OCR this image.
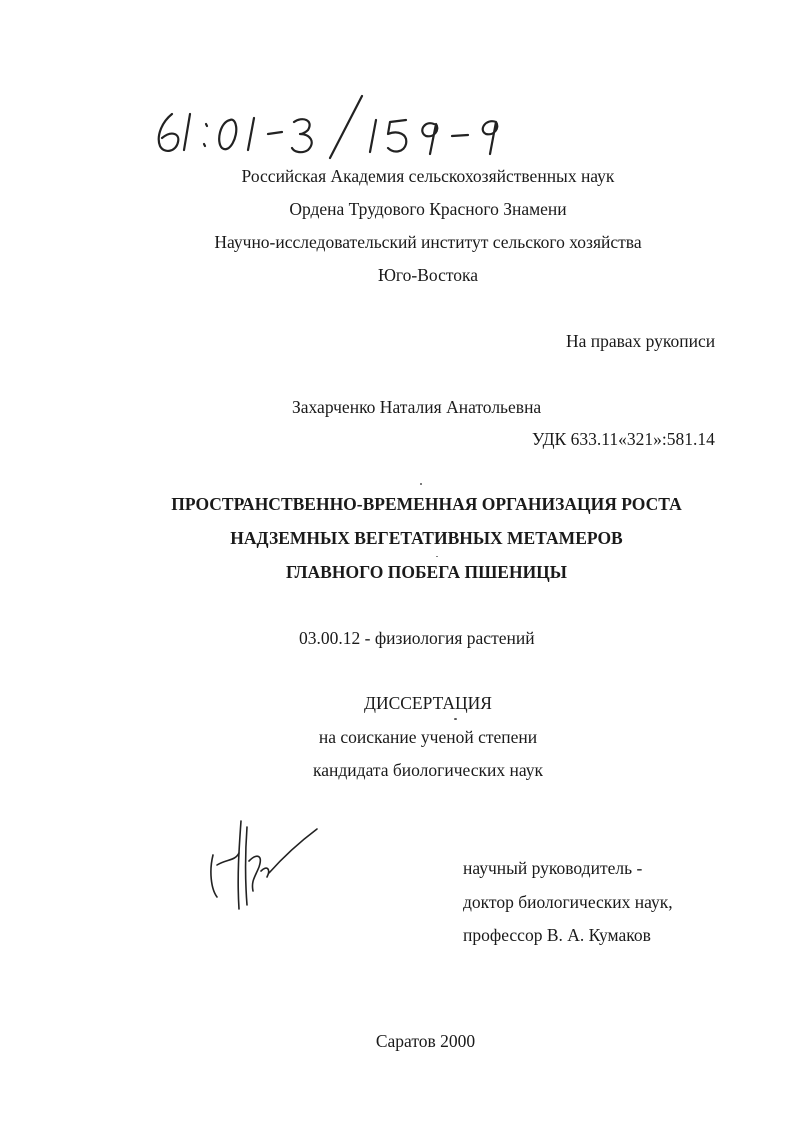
Российская Академия сельскохозяйственных наук
Ордена Трудового Красного Знамени
Научно-исследовательский институт сельского хозяйства
Юго-Востока
На правах рукописи
Захарченко Наталия Анатольевна
УДК 633.11«321»:581.14
ПРОСТРАНСТВЕННО-ВРЕМЕННАЯ ОРГАНИЗАЦИЯ РОСТА
НАДЗЕМНЫХ ВЕГЕТАТИВНЫХ МЕТАМЕРОВ
ГЛАВНОГО ПОБЕГА ПШЕНИЦЫ
03.00.12 - физиология растений
ДИССЕРТАЦИЯ
на соискание ученой степени
кандидата биологических наук
научный руководитель -
доктор биологических наук,
профессор В. А. Кумаков
Саратов 2000
